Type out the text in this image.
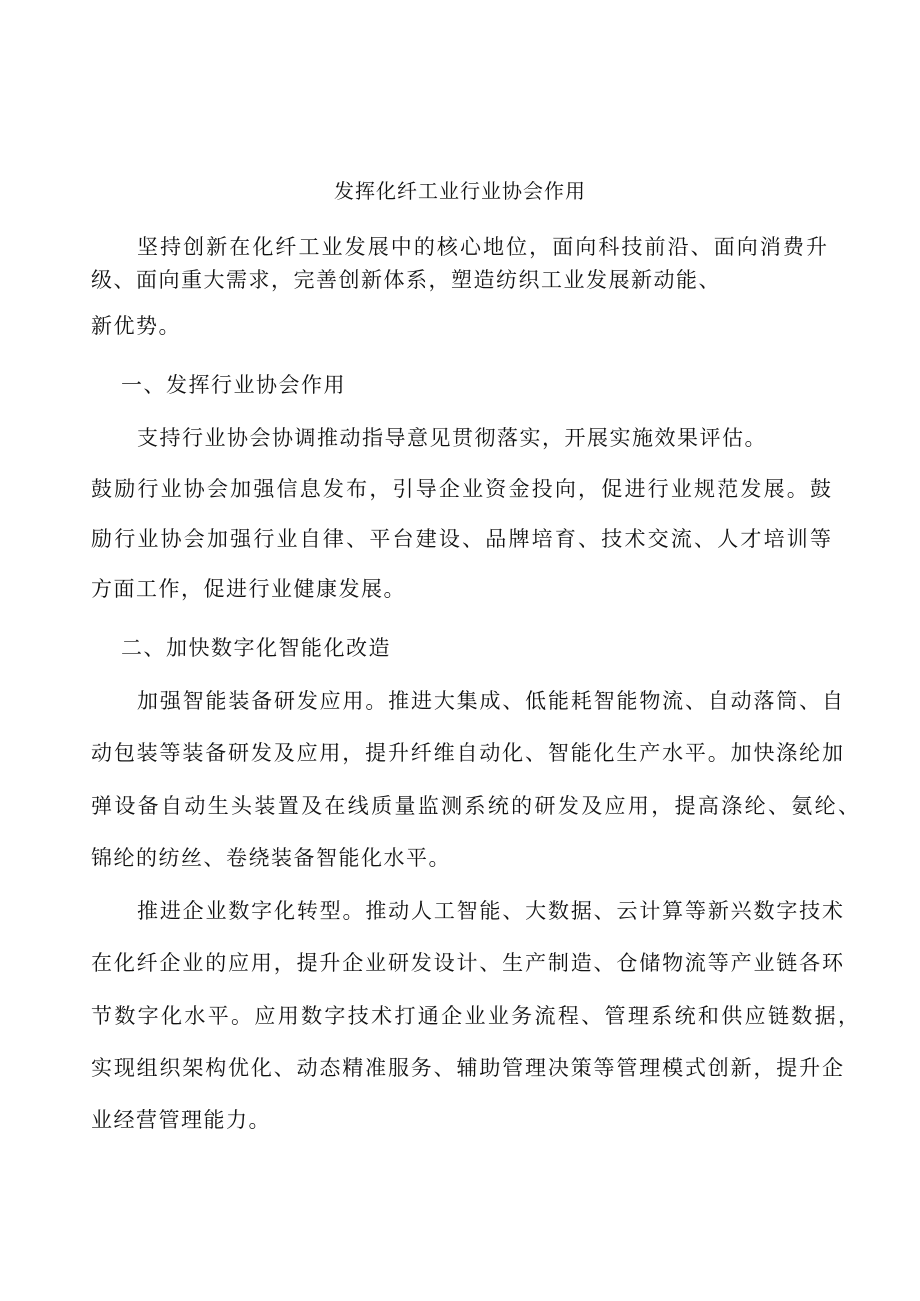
发挥化纤工业行业协会作用
坚持创新在化纤工业发展中的核心地位，面向科技前沿、面向消费升
级、面向重大需求，完善创新体系，塑造纺织工业发展新动能、
新优势。
一、发挥行业协会作用
支持行业协会协调推动指导意见贯彻落实，开展实施效果评估。
鼓励行业协会加强信息发布，引导企业资金投向，促进行业规范发展。鼓
励行业协会加强行业自律、平台建设、品牌培育、技术交流、人才培训等
方面工作，促进行业健康发展。
二、加快数字化智能化改造
加强智能装备研发应用。推进大集成、低能耗智能物流、自动落筒、自
动包装等装备研发及应用，提升纤维自动化、智能化生产水平。加快涤纶加
弹设备自动生头装置及在线质量监测系统的研发及应用，提高涤纶、氨纶、
锦纶的纺丝、卷绕装备智能化水平。
推进企业数字化转型。推动人工智能、大数据、云计算等新兴数字技术
在化纤企业的应用，提升企业研发设计、生产制造、仓储物流等产业链各环
节数字化水平。应用数字技术打通企业业务流程、管理系统和供应链数据，
实现组织架构优化、动态精准服务、辅助管理决策等管理模式创新，提升企
业经营管理能力。
